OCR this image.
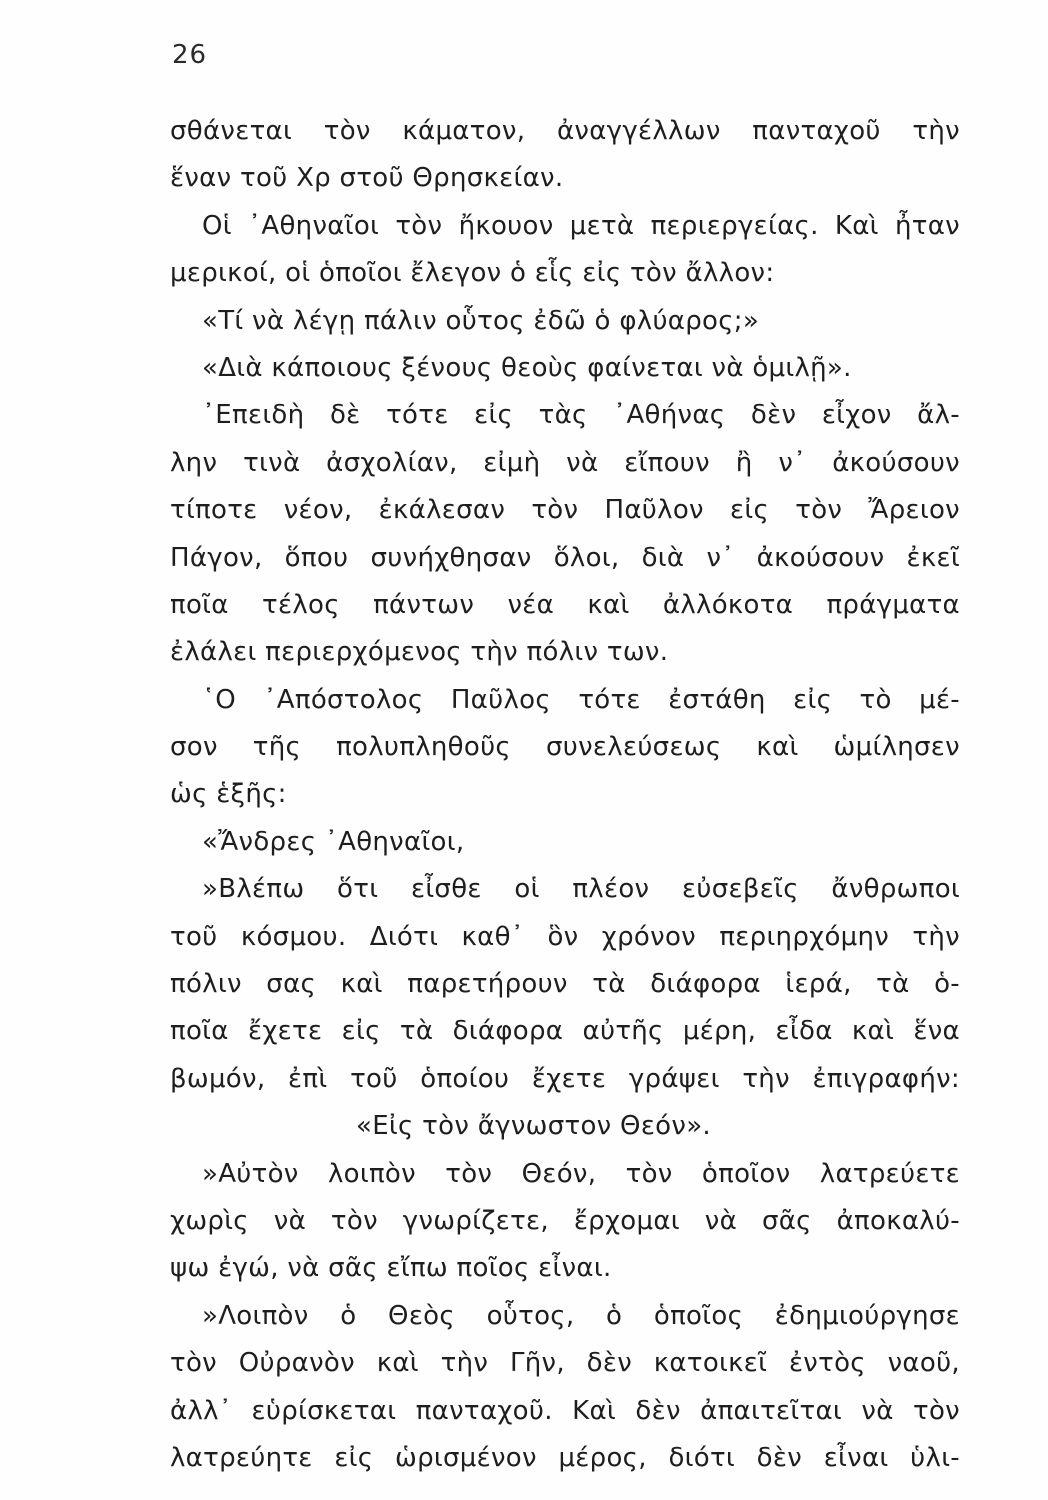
26
σθάνεται τὸν κάματον, ἀναγγέλλων πανταχοῦ τὴν
ἕναν τοῦ Χρ στοῦ Θρησκείαν.
Οἱ ᾿Αθηναῖοι τὸν ἤκουον μετὰ περιεργείας. Καὶ ἦταν
μερικοί, οἱ ὁποῖοι ἔλεγον ὁ εἷς εἰς τὸν ἄλλον:
«Τί νὰ λέγῃ πάλιν οὗτος ἐδῶ ὁ φλύαρος;»
«Διὰ κάποιους ξένους θεοὺς φαίνεται νὰ ὁμιλῇ».
᾿Επειδὴ δὲ τότε εἰς τὰς ᾿Αθήνας δὲν εἶχον ἄλ-
λην τινὰ ἀσχολίαν, εἰμὴ νὰ εἴπουν ἢ ν᾿ ἀκούσουν
τίποτε νέον, ἐκάλεσαν τὸν Παῦλον εἰς τὸν Ἄρειον
Πάγον, ὅπου συνήχθησαν ὅλοι, διὰ ν᾿ ἀκούσουν ἐκεῖ
ποῖα τέλος πάντων νέα καὶ ἀλλόκοτα πράγματα
ἐλάλει περιερχόμενος τὴν πόλιν των.
῾Ο ᾿Απόστολος Παῦλος τότε ἐστάθη εἰς τὸ μέ-
σον τῆς πολυπληθοῦς συνελεύσεως καὶ ὡμίλησεν
ὡς ἑξῆς:
«Ἄνδρες ᾿Αθηναῖοι,
»Βλέπω ὅτι εἶσθε οἱ πλέον εὐσεβεῖς ἄνθρωποι
τοῦ κόσμου. Διότι καθ᾿ ὃν χρόνον περιηρχόμην τὴν
πόλιν σας καὶ παρετήρουν τὰ διάφορα ἱερά, τὰ ὁ-
ποῖα ἔχετε εἰς τὰ διάφορα αὐτῆς μέρη, εἶδα καὶ ἕνα
βωμόν, ἐπὶ τοῦ ὁποίου ἔχετε γράψει τὴν ἐπιγραφήν:
«Εἰς τὸν ἄγνωστον Θεόν».
»Αὐτὸν λοιπὸν τὸν Θεόν, τὸν ὁποῖον λατρεύετε
χωρὶς νὰ τὸν γνωρίζετε, ἔρχομαι νὰ σᾶς ἀποκαλύ-
ψω ἐγώ, νὰ σᾶς εἴπω ποῖος εἶναι.
»Λοιπὸν ὁ Θεὸς οὗτος, ὁ ὁποῖος ἐδημιούργησε
τὸν Οὐρανὸν καὶ τὴν Γῆν, δὲν κατοικεῖ ἐντὸς ναοῦ,
ἀλλ᾿ εὑρίσκεται πανταχοῦ. Καὶ δὲν ἀπαιτεῖται νὰ τὸν
λατρεύητε εἰς ὡρισμένον μέρος, διότι δὲν εἶναι ὑλι-
